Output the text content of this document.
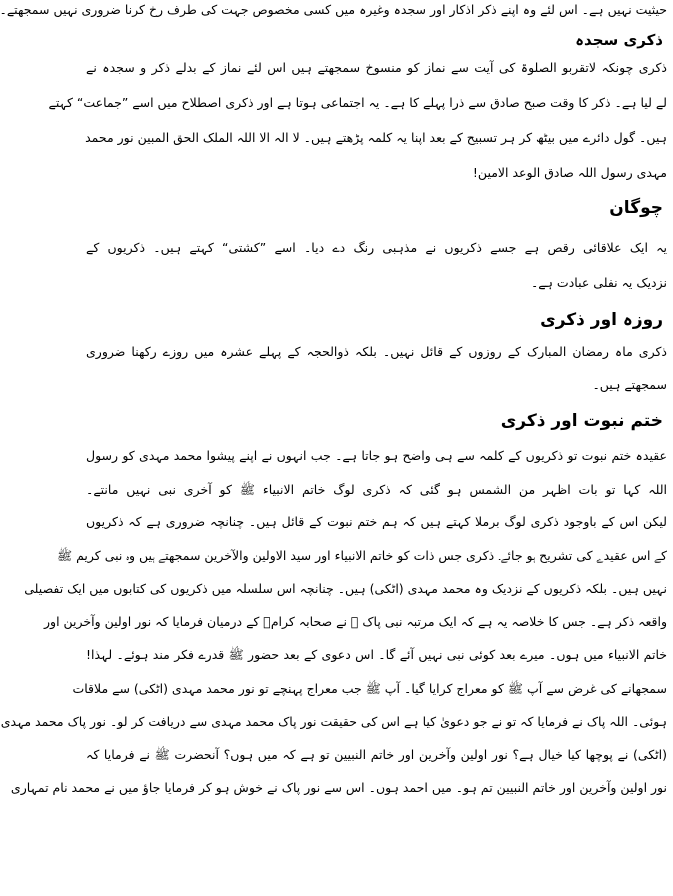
حیثیت نہیں ہے۔ اس لئے وہ اپنے ذکر اذکار اور سجدہ وغیرہ میں کسی مخصوص جہت کی طرف رخ کرنا ضروری نہیں سمجھتے۔
ذکری سجدہ
ذکری چونکہ لاتقربو الصلوۃ کی آیت سے نماز کو منسوخ سمجھتے ہیں اس لئے نماز کے بدلے ذکر و سجدہ نے
لے لیا ہے۔ ذکر کا وقت صبح صادق سے ذرا پہلے کا ہے۔ یہ اجتماعی ہوتا ہے اور ذکری اصطلاح میں اسے ”جماعت“ کہتے
ہیں۔ گول دائرے میں بیٹھ کر ہر تسبیح کے بعد اپنا یہ کلمہ پڑھتے ہیں۔ لا الہ الا اللہ الملک الحق المبین نور محمد
مہدی رسول اللہ صادق الوعد الامین!
چوگان
یہ ایک علاقائی رقص ہے جسے ذکریوں نے مذہبی رنگ دے دیا۔ اسے ”کشتی“ کہتے ہیں۔ ذکریوں کے
نزدیک یہ نفلی عبادت ہے۔
روزہ اور ذکری
ذکری ماہ رمضان المبارک کے روزوں کے قائل نہیں۔ بلکہ ذوالحجہ کے پہلے عشرہ میں روزے رکھنا ضروری
سمجھتے ہیں۔
ختم نبوت اور ذکری
عقیدہ ختم نبوت تو ذکریوں کے کلمہ سے ہی واضح ہو جاتا ہے۔ جب انہوں نے اپنے پیشوا محمد مہدی کو رسول
اللہ کہا تو بات اظہر من الشمس ہو گئی کہ ذکری لوگ خاتم الانبیاء ﷺ کو آخری نبی نہیں مانتے۔
لیکن اس کے باوجود ذکری لوگ برملا کہتے ہیں کہ ہم ختم نبوت کے قائل ہیں۔ چنانچہ ضروری ہے کہ ذکریوں
کے اس عقیدے کی تشریح ہو جائے۔ ذکری جس ذات کو خاتم الانبیاء اور سید الاولین والآخرین سمجھتے ہیں وہ نبی کریم ﷺ
نہیں ہیں۔ بلکہ ذکریوں کے نزدیک وہ محمد مہدی (اٹکی) ہیں۔ چنانچہ اس سلسلہ میں ذکریوں کی کتابوں میں ایک تفصیلی
واقعہ ذکر ہے۔ جس کا خلاصہ یہ ہے کہ ایک مرتبہ نبی پاک ﷺ نے صحابہ کرامؓ کے درمیان فرمایا کہ نور اولین وآخرین اور
خاتم الانبیاء میں ہوں۔ میرے بعد کوئی نبی نہیں آئے گا۔ اس دعوی کے بعد حضور ﷺ قدرے فکر مند ہوئے۔ لہذا!
سمجھانے کی غرض سے آپ ﷺ کو معراج کرایا گیا۔ آپ ﷺ جب معراج پہنچے تو نور محمد مہدی (اٹکی) سے ملاقات
ہوئی۔ اللہ پاک نے فرمایا کہ تو نے جو دعویٰ کیا ہے اس کی حقیقت نور پاک محمد مہدی سے دریافت کر لو۔ نور پاک محمد مہدی
(اٹکی) نے پوچھا کیا خیال ہے؟ نور اولین وآخرین اور خاتم النبیین تو ہے کہ میں ہوں؟ آنحضرت ﷺ نے فرمایا کہ
نور اولین وآخرین اور خاتم النبیین تم ہو۔ میں احمد ہوں۔ اس سے نور پاک نے خوش ہو کر فرمایا جاؤ میں نے محمد نام تمہاری
